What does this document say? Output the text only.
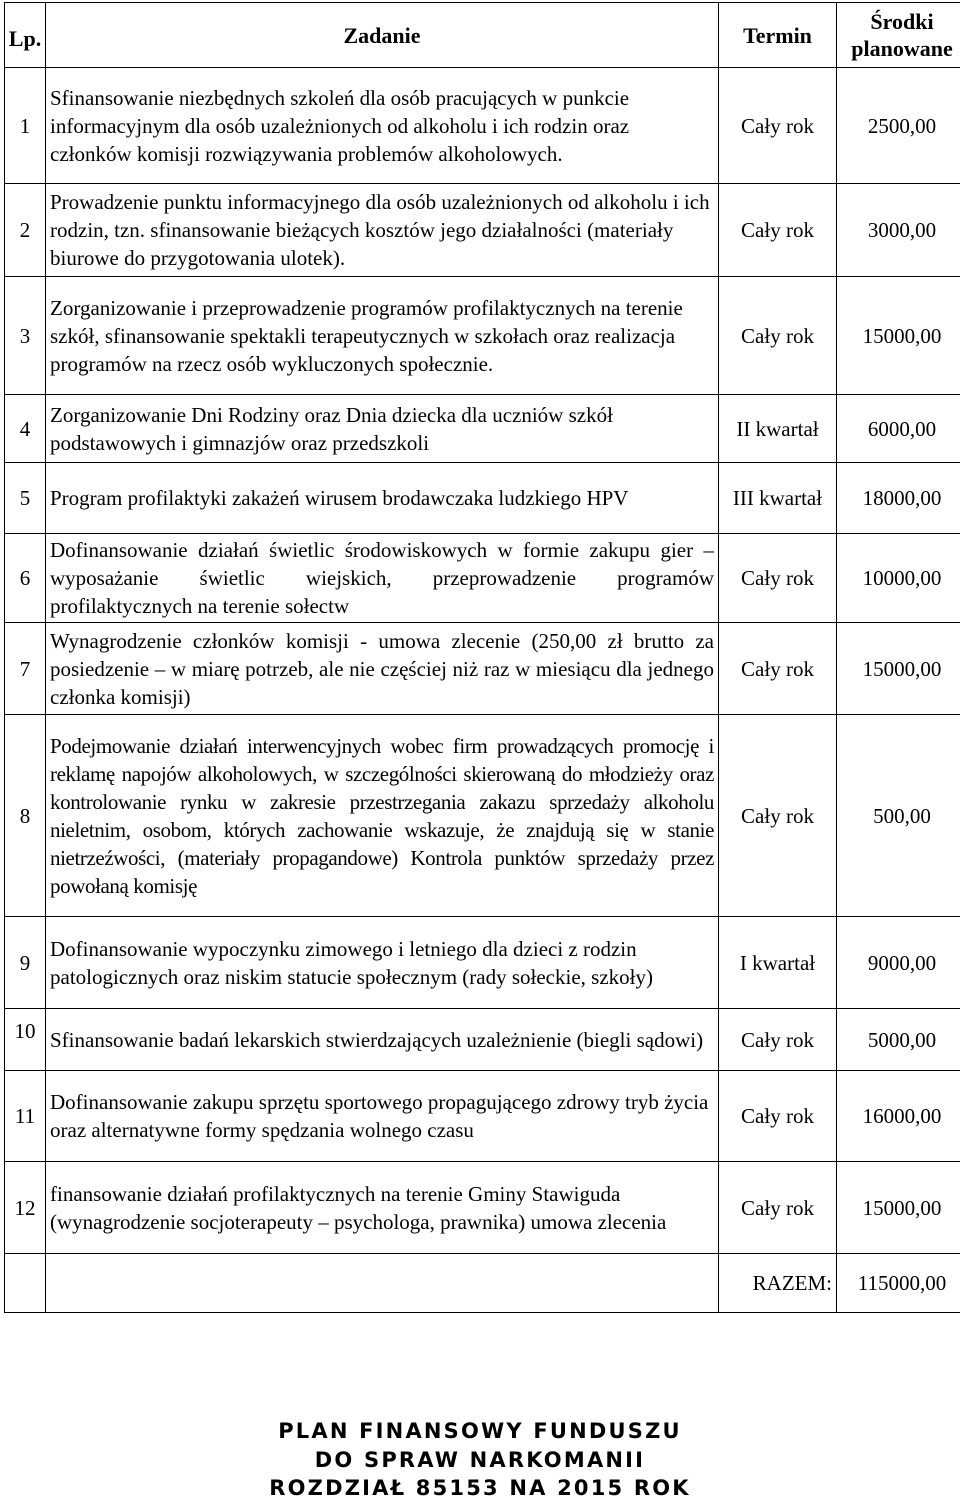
Lp.	Zadanie	Termin	Środki
planowane

1	Sfinansowanie niezbędnych szkoleń dla osób pracujących w punkcie informacyjnym dla osób uzależnionych od alkoholu i ich rodzin oraz członków komisji rozwiązywania problemów alkoholowych.	Cały rok	2500,00
2	Prowadzenie punktu informacyjnego dla osób uzależnionych od alkoholu i ich rodzin, tzn. sfinansowanie bieżących kosztów jego działalności (materiały biurowe do przygotowania ulotek).	Cały rok	3000,00
3	Zorganizowanie i przeprowadzenie programów profilaktycznych na terenie szkół, sfinansowanie spektakli terapeutycznych w szkołach oraz realizacja programów na rzecz osób wykluczonych społecznie.	Cały rok	15000,00
4	Zorganizowanie Dni Rodziny oraz Dnia dziecka dla uczniów szkół podstawowych i gimnazjów oraz przedszkoli	II kwartał	6000,00
5	Program profilaktyki zakażeń wirusem brodawczaka ludzkiego HPV	III kwartał	18000,00
6	Dofinansowanie działań świetlic środowiskowych w formie zakupu gier – wyposażanie świetlic wiejskich, przeprowadzenie programów profilaktycznych na terenie sołectw	Cały rok	10000,00
7	Wynagrodzenie członków komisji - umowa zlecenie (250,00 zł brutto za posiedzenie – w miarę potrzeb, ale nie częściej niż raz w miesiącu dla jednego członka komisji)	Cały rok	15000,00
8	Podejmowanie działań interwencyjnych wobec firm prowadzących promocję i reklamę napojów alkoholowych, w szczególności skierowaną do młodzieży oraz kontrolowanie rynku w zakresie przestrzegania zakazu sprzedaży alkoholu nieletnim, osobom, których zachowanie wskazuje, że znajdują się w stanie nietrzeźwości, (materiały propagandowe) Kontrola punktów sprzedaży przez powołaną komisję	Cały rok	500,00
9	Dofinansowanie wypoczynku zimowego i letniego dla dzieci z rodzin patologicznych oraz niskim statucie społecznym (rady sołeckie, szkoły)	I kwartał	9000,00
10	Sfinansowanie badań lekarskich stwierdzających uzależnienie (biegli sądowi)	Cały rok	5000,00
11	Dofinansowanie zakupu sprzętu sportowego propagującego zdrowy tryb życia oraz alternatywne formy spędzania wolnego czasu	Cały rok	16000,00
12	finansowanie działań profilaktycznych na terenie Gminy Stawiguda (wynagrodzenie socjoterapeuty – psychologa, prawnika) umowa zlecenia	Cały rok	15000,00
		RAZEM:	115000,00
PLAN FINANSOWY FUNDUSZU
DO SPRAW NARKOMANII
ROZDZIAŁ 85153 NA 2015 ROK
